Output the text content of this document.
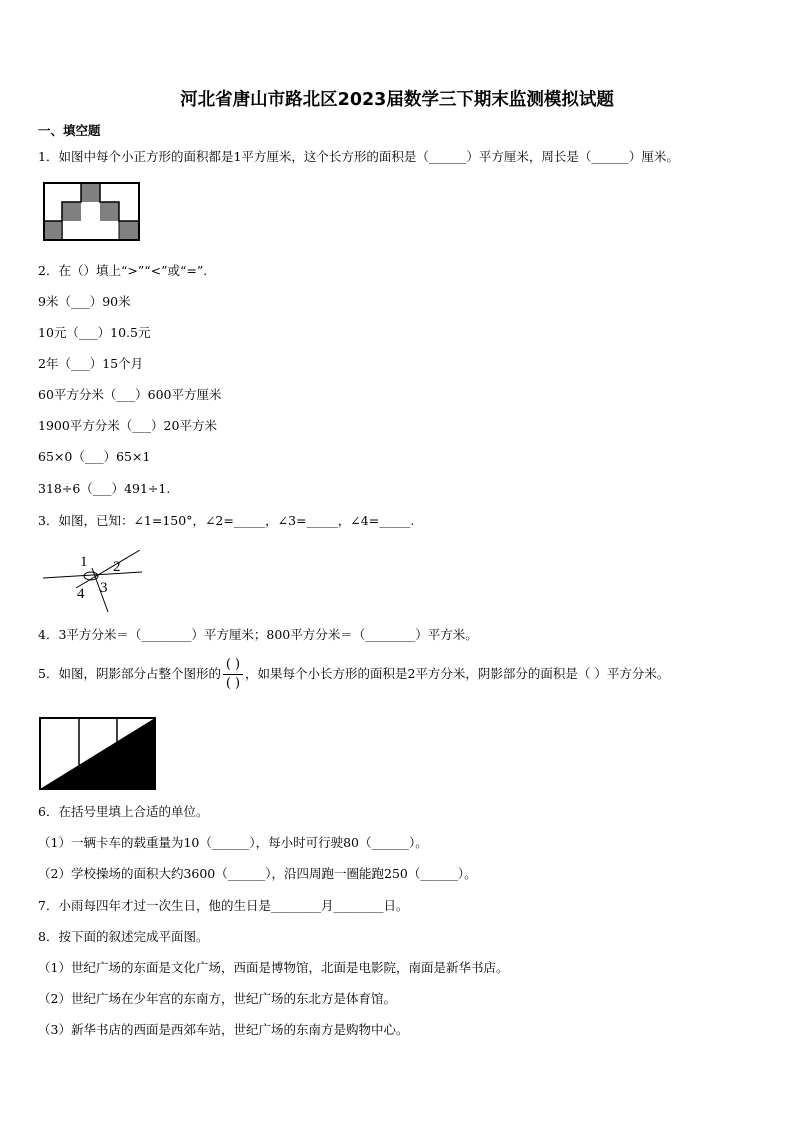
河北省唐山市路北区2023届数学三下期末监测模拟试题
一、填空题
1．如图中每个小正方形的面积都是1平方厘米，这个长方形的面积是（______）平方厘米，周长是（______）厘米。
2．在（）填上“>”“<”或“=”.
9米（___）90米
10元（___）10.5元
2年（___）15个月
60平方分米（___）600平方厘米
1900平方分米（___）20平方米
65×0（___）65×1
318÷6（___）491÷1.
3．如图，已知：∠1=150°，∠2=_____，∠3=_____，∠4=_____.
1 2
4 3
4．3平方分米＝（________）平方厘米；800平方分米＝（________）平方米。
5．如图，阴影部分占整个图形的 $\frac{( )}{( )}$ ，如果每个小长方形的面积是2平方分米，阴影部分的面积是（ ）平方分米。
6．在括号里填上合适的单位。
（1）一辆卡车的载重量为10（______），每小时可行驶80（______）。
（2）学校操场的面积大约3600（______），沿四周跑一圈能跑250（______）。
7．小雨每四年才过一次生日，他的生日是________月________日。
8．按下面的叙述完成平面图。
（1）世纪广场的东面是文化广场，西面是博物馆，北面是电影院，南面是新华书店。
（2）世纪广场在少年宫的东南方，世纪广场的东北方是体育馆。
（3）新华书店的西面是西郊车站，世纪广场的东南方是购物中心。
